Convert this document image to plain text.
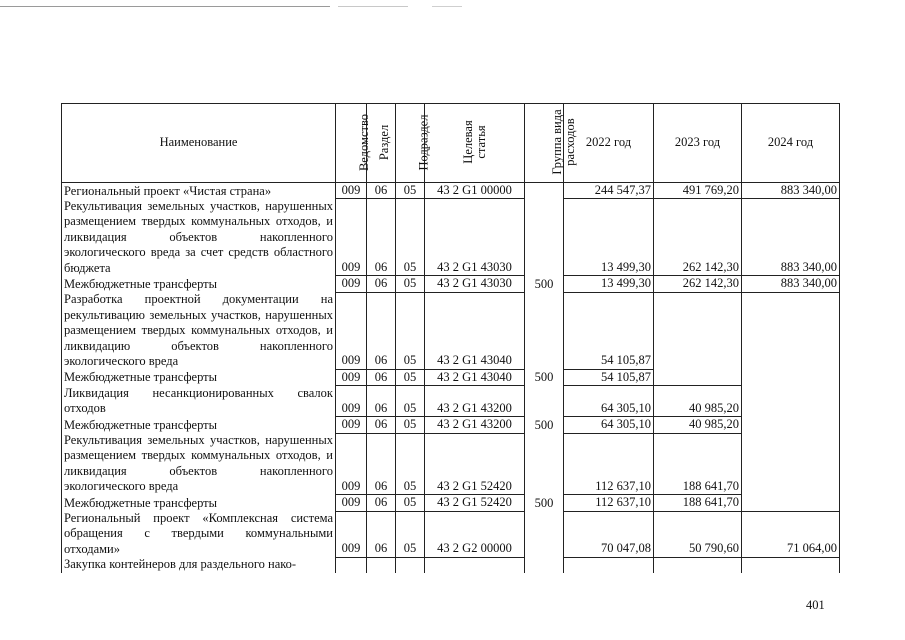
Наименование	Ведомство	Раздел	Подраздел	Целевая статья	Группа вида расходов	2022 год	2023 год	2024 год
Региональный проект «Чистая страна»	009	06	05	43 2 G1 00000		244 547,37	491 769,20	883 340,00
Рекультивация земельных участков, нарушенных размещением твердых коммунальных отходов, и ликвидация объектов накопленного экологического вреда за счет средств областного бюджета	009	06	05	43 2 G1 43030		13 499,30	262 142,30	883 340,00
Межбюджетные трансферты	009	06	05	43 2 G1 43030	500	13 499,30	262 142,30	883 340,00
Разработка проектной документации на рекультивацию земельных участков, нарушенных размещением твердых коммунальных отходов, и ликвидацию объектов накопленного экологического вреда	009	06	05	43 2 G1 43040		54 105,87		
Межбюджетные трансферты	009	06	05	43 2 G1 43040	500	54 105,87		
Ликвидация несанкционированных свалок отходов	009	06	05	43 2 G1 43200		64 305,10	40 985,20	
Межбюджетные трансферты	009	06	05	43 2 G1 43200	500	64 305,10	40 985,20	
Рекультивация земельных участков, нарушенных размещением твердых коммунальных отходов, и ликвидация объектов накопленного экологического вреда	009	06	05	43 2 G1 52420		112 637,10	188 641,70	
Межбюджетные трансферты	009	06	05	43 2 G1 52420	500	112 637,10	188 641,70	
Региональный проект «Комплексная система обращения с твердыми коммунальными отходами»	009	06	05	43 2 G2 00000		70 047,08	50 790,60	71 064,00
Закупка контейнеров для раздельного нако-								
401
